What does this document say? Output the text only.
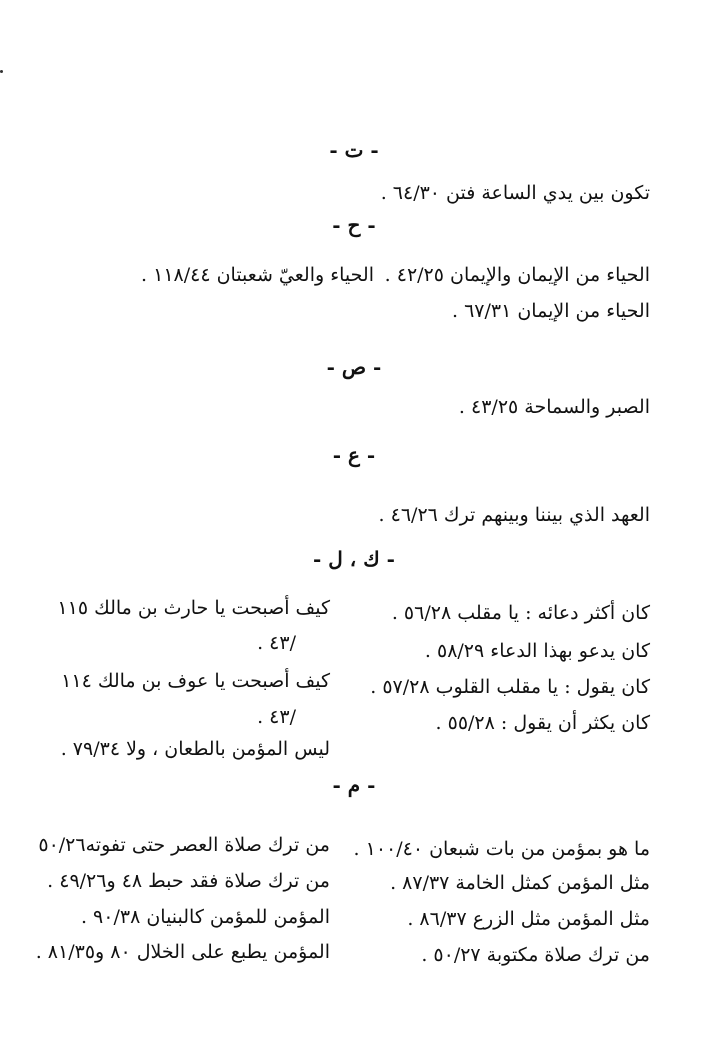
- ت -
تكون بين يدي الساعة فتن ٦٤/٣٠ .
- ح -
الحياء من الإيمان والإيمان ٤٢/٢٥ .
الحياء والعيّ شعبتان ١١٨/٤٤ .
الحياء من الإيمان ٦٧/٣١ .
- ص -
الصبر والسماحة ٤٣/٢٥ .
- ع -
العهد الذي بيننا وبينهم ترك ٤٦/٢٦ .
- ك ، ل -
كان أكثر دعائه : يا مقلب ٥٦/٢٨ .
كان يدعو بهذا الدعاء ٥٨/٢٩ .
كان يقول : يا مقلب القلوب ٥٧/٢٨ .
كان يكثر أن يقول : ٥٥/٢٨ .
كيف أصبحت يا حارث بن مالك ١١٥
/٤٣ .
كيف أصبحت يا عوف بن مالك ١١٤
/٤٣ .
ليس المؤمن بالطعان ، ولا ٧٩/٣٤ .
- م -
ما هو بمؤمن من بات شبعان ١٠٠/٤٠ .
مثل المؤمن كمثل الخامة ٨٧/٣٧ .
مثل المؤمن مثل الزرع ٨٦/٣٧ .
من ترك صلاة مكتوبة ٥٠/٢٧ .
من ترك صلاة العصر حتى تفوته٥٠/٢٦
من ترك صلاة فقد حبط ٤٨ و٤٩/٢٦ .
المؤمن للمؤمن كالبنيان ٩٠/٣٨ .
المؤمن يطبع على الخلال ٨٠ و٨١/٣٥ .
